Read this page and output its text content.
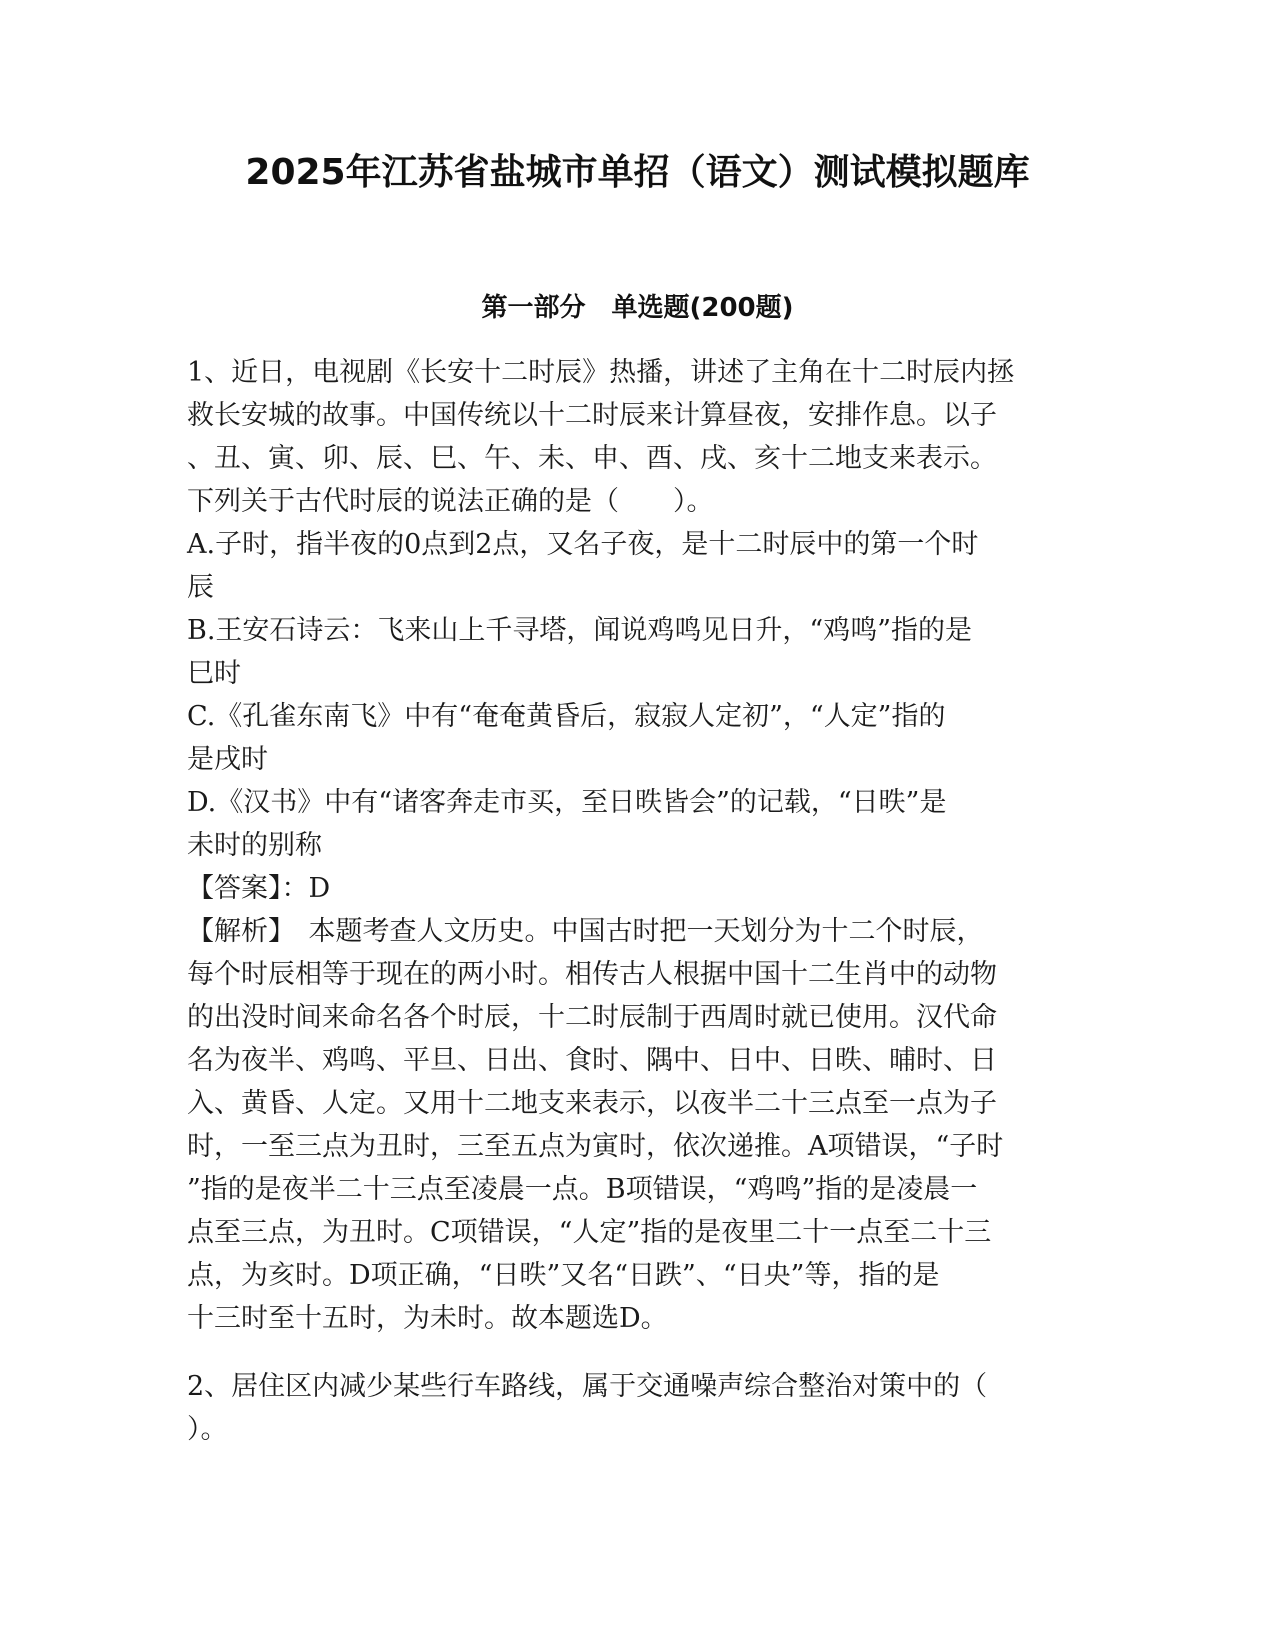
2025年江苏省盐城市单招（语文）测试模拟题库
第一部分　单选题(200题)
1、近日，电视剧《长安十二时辰》热播，讲述了主角在十二时辰内拯
救长安城的故事。中国传统以十二时辰来计算昼夜，安排作息。以子
、丑、寅、卯、辰、巳、午、未、申、酉、戌、亥十二地支来表示。
下列关于古代时辰的说法正确的是（　　）。
A.子时，指半夜的0点到2点，又名子夜，是十二时辰中的第一个时
辰
B.王安石诗云：飞来山上千寻塔，闻说鸡鸣见日升，“鸡鸣”指的是
巳时
C.《孔雀东南飞》中有“奄奄黄昏后，寂寂人定初”，“人定”指的
是戌时
D.《汉书》中有“诸客奔走市买，至日昳皆会”的记载，“日昳”是
未时的别称
【答案】：D
【解析】　本题考查人文历史。中国古时把一天划分为十二个时辰，
每个时辰相等于现在的两小时。相传古人根据中国十二生肖中的动物
的出没时间来命名各个时辰，十二时辰制于西周时就已使用。汉代命
名为夜半、鸡鸣、平旦、日出、食时、隅中、日中、日昳、晡时、日
入、黄昏、人定。又用十二地支来表示，以夜半二十三点至一点为子
时，一至三点为丑时，三至五点为寅时，依次递推。A项错误，“子时
”指的是夜半二十三点至凌晨一点。B项错误，“鸡鸣”指的是凌晨一
点至三点，为丑时。C项错误，“人定”指的是夜里二十一点至二十三
点，为亥时。D项正确，“日昳”又名“日跌”、“日央”等，指的是
十三时至十五时，为未时。故本题选D。
2、居住区内减少某些行车路线，属于交通噪声综合整治对策中的（
）。
